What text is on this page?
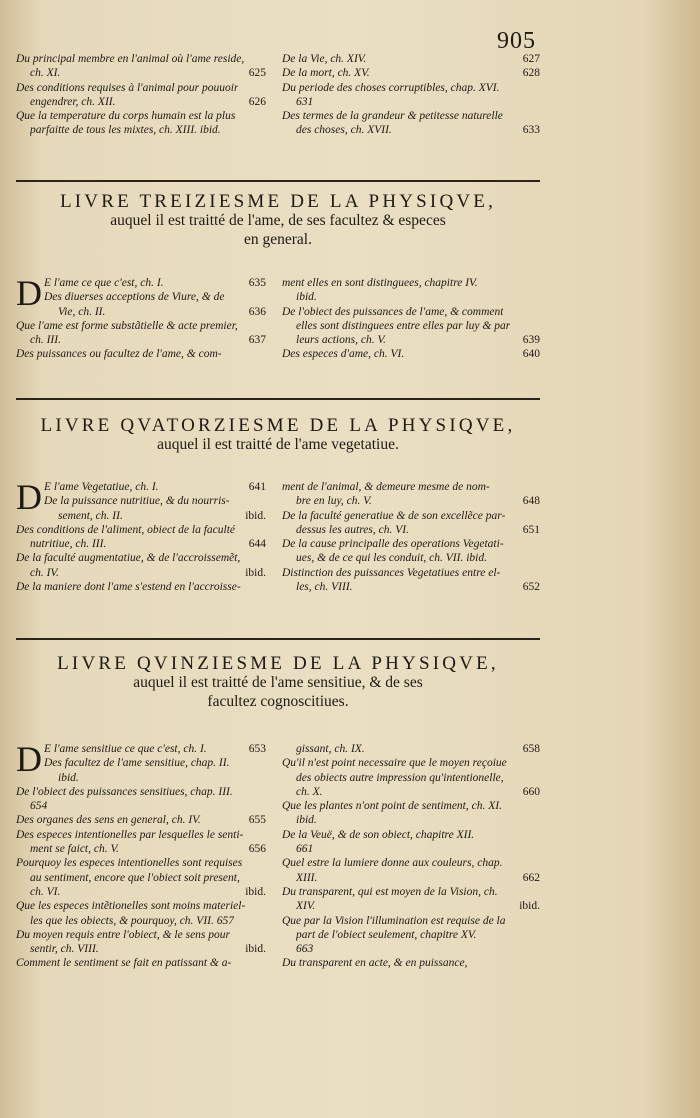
905
Du principal membre en l'animal où l'ame reside,
ch. XI.	625
Des conditions requises à l'animal pour pouuoir
engendrer, ch. XII.	626
Que la temperature du corps humain est la plus
parfaitte de tous les mixtes, ch. XIII. ibid.
De la Vie, ch. XIV.	627
De la mort, ch. XV.	628
Du periode des choses corruptibles, chap. XVI.
631
Des termes de la grandeur & petitesse naturelle
des choses, ch. XVII.	633
LIVRE TREIZIESME DE LA PHYSIQVE,
auquel il est traitté de l'ame, de ses facultez & especes
en general.
D E l'ame ce que c'est, ch. I.	635
Des diuerses acceptions de Viure, & de
Vie, ch. II.	636
Que l'ame est forme substãtielle & acte premier,
ch. III.	637
Des puissances ou facultez de l'ame, & com-
ment elles en sont distinguees, chapitre IV.
ibid.
De l'obiect des puissances de l'ame, & comment
elles sont distinguees entre elles par luy & par
leurs actions, ch. V.	639
Des especes d'ame, ch. VI.	640
LIVRE QVATORZIESME DE LA PHYSIQVE,
auquel il est traitté de l'ame vegetatiue.
D E l'ame Vegetatiue, ch. I.	641
De la puissance nutritiue, & du nourris-
sement, ch. II.	ibid.
Des conditions de l'aliment, obiect de la faculté
nutritiue, ch. III.	644
De la faculté augmentatiue, & de l'accroissemẽt,
ch. IV.	ibid.
De la maniere dont l'ame s'estend en l'accroisse-
ment de l'animal, & demeure mesme de nom-
bre en luy, ch. V.	648
De la faculté generatiue & de son excellẽce par-
dessus les autres, ch. VI.	651
De la cause principalle des operations Vegetati-
ues, & de ce qui les conduit, ch. VII. ibid.
Distinction des puissances Vegetatiues entre el-
les, ch. VIII.	652
LIVRE QVINZIESME DE LA PHYSIQVE,
auquel il est traitté de l'ame sensitiue, & de ses
facultez cognoscitiues.
D E l'ame sensitiue ce que c'est, ch. I.	653
Des facultez de l'ame sensitiue, chap. II.
ibid.
De l'obiect des puissances sensitiues, chap. III.
654
Des organes des sens en general, ch. IV.	655
Des especes intentionelles par lesquelles le senti-
ment se faict, ch. V.	656
Pourquoy les especes intentionelles sont requises
au sentiment, encore que l'obiect soit present,
ch. VI.	ibid.
Que les especes intẽtionelles sont moins materiel-
les que les obiects, & pourquoy, ch. VII. 657
Du moyen requis entre l'obiect, & le sens pour
sentir, ch. VIII.	ibid.
Comment le sentiment se fait en patissant & a-
gissant, ch. IX.	658
Qu'il n'est point necessaire que le moyen reçoiue
des obiects autre impression qu'intentionelle,
ch. X.	660
Que les plantes n'ont point de sentiment, ch. XI.
ibid.
De la Veuë, & de son obiect, chapitre XII.
661
Quel estre la lumiere donne aux couleurs, chap.
XIII.	662
Du transparent, qui est moyen de la Vision, ch.
XIV.	ibid.
Que par la Vision l'illumination est requise de la
part de l'obiect seulement, chapitre XV.
663
Du transparent en acte, & en puissance,
